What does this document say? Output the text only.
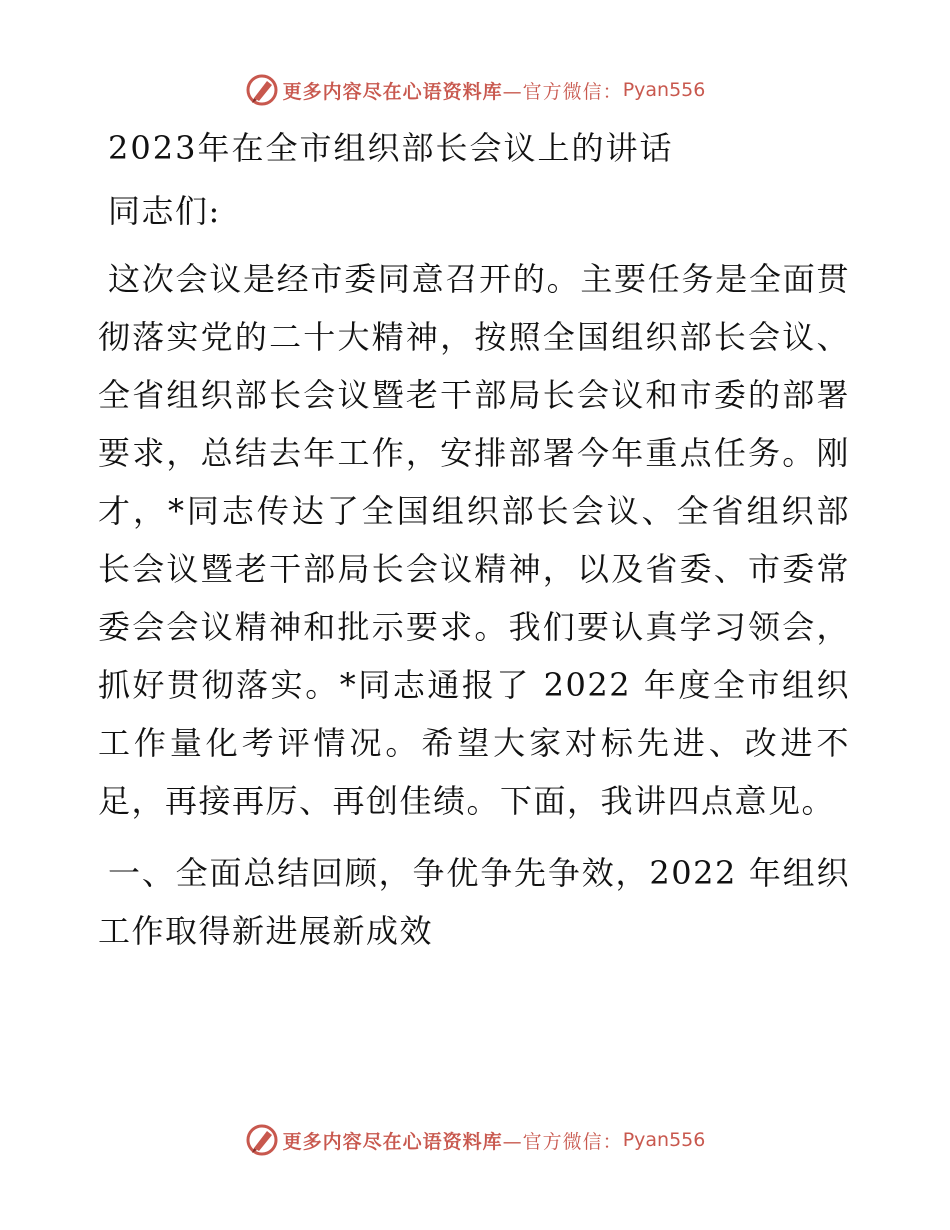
更多内容尽在心语资料库 —官方微信： Pyan556
2023年在全市组织部长会议上的讲话

同志们:

这次会议是经市委同意召开的。主要任务是全面贯彻落实党的二十大精神，按照全国组织部长会议、全省组织部长会议暨老干部局长会议和市委的部署要求，总结去年工作，安排部署今年重点任务。刚才，*同志传达了全国组织部长会议、全省组织部长会议暨老干部局长会议精神，以及省委、市委常委会会议精神和批示要求。我们要认真学习领会，抓好贯彻落实。*同志通报了 2022 年度全市组织工作量化考评情况。希望大家对标先进、改进不足，再接再厉、再创佳绩。下面，我讲四点意见。

一、全面总结回顾，争优争先争效，2022 年组织工作取得新进展新成效

更多内容尽在心语资料库 —官方微信： Pyan556
